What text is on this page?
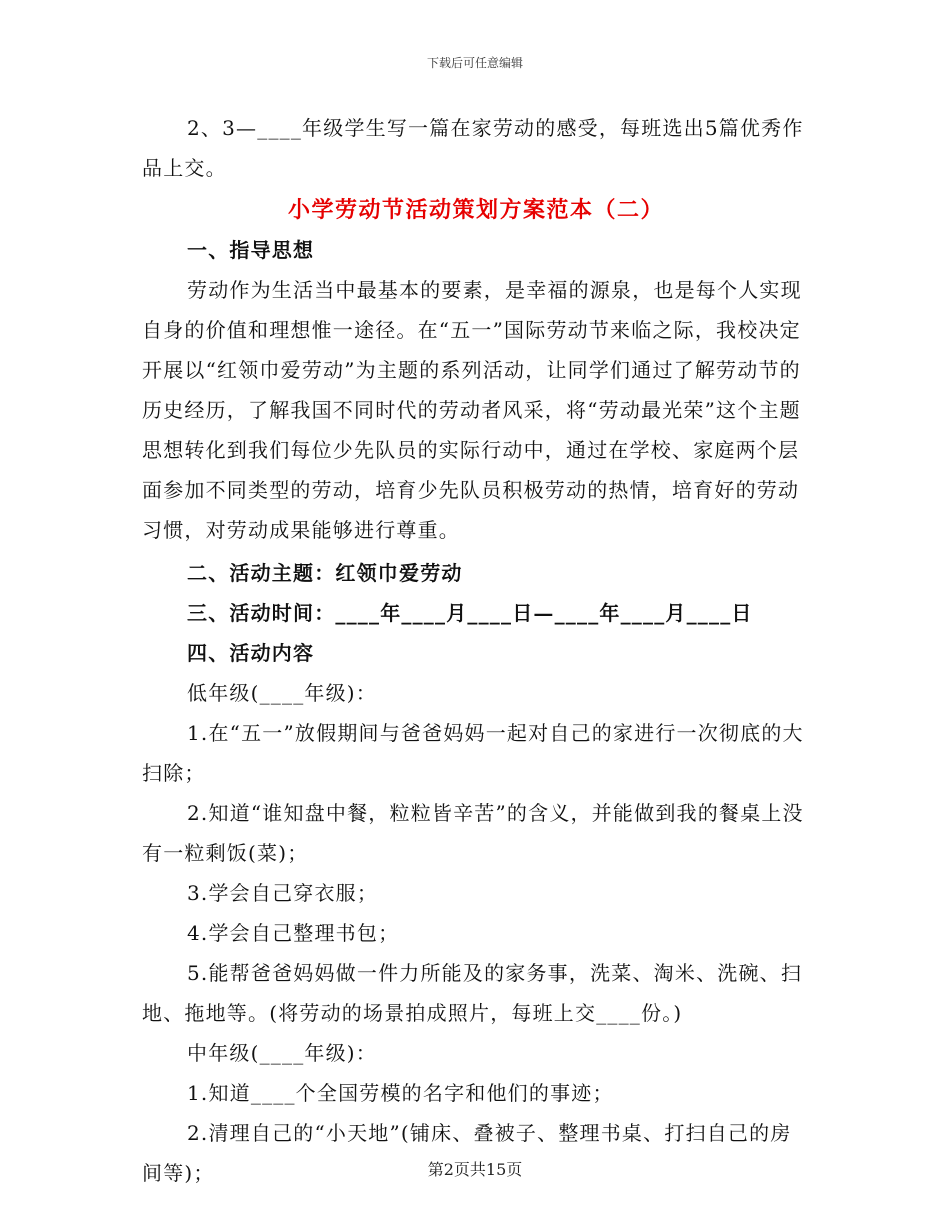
下载后可任意编辑

2、3—____年级学生写一篇在家劳动的感受，每班选出5篇优秀作品上交。

小学劳动节活动策划方案范本（二）

一、指导思想

劳动作为生活当中最基本的要素，是幸福的源泉，也是每个人实现自身的价值和理想惟一途径。在“五一”国际劳动节来临之际，我校决定开展以“红领巾爱劳动”为主题的系列活动，让同学们通过了解劳动节的历史经历，了解我国不同时代的劳动者风采，将“劳动最光荣”这个主题思想转化到我们每位少先队员的实际行动中，通过在学校、家庭两个层面参加不同类型的劳动，培育少先队员积极劳动的热情，培育好的劳动习惯，对劳动成果能够进行尊重。

二、活动主题：红领巾爱劳动

三、活动时间：____年____月____日—____年____月____日

四、活动内容

低年级(____年级)：

1.在“五一”放假期间与爸爸妈妈一起对自己的家进行一次彻底的大扫除；

2.知道“谁知盘中餐，粒粒皆辛苦”的含义，并能做到我的餐桌上没有一粒剩饭(菜)；

3.学会自己穿衣服；

4.学会自己整理书包；

5.能帮爸爸妈妈做一件力所能及的家务事，洗菜、淘米、洗碗、扫地、拖地等。(将劳动的场景拍成照片，每班上交____份。)

中年级(____年级)：

1.知道____个全国劳模的名字和他们的事迹；

2.清理自己的“小天地”(铺床、叠被子、整理书桌、打扫自己的房间等)；	第2页共15页
